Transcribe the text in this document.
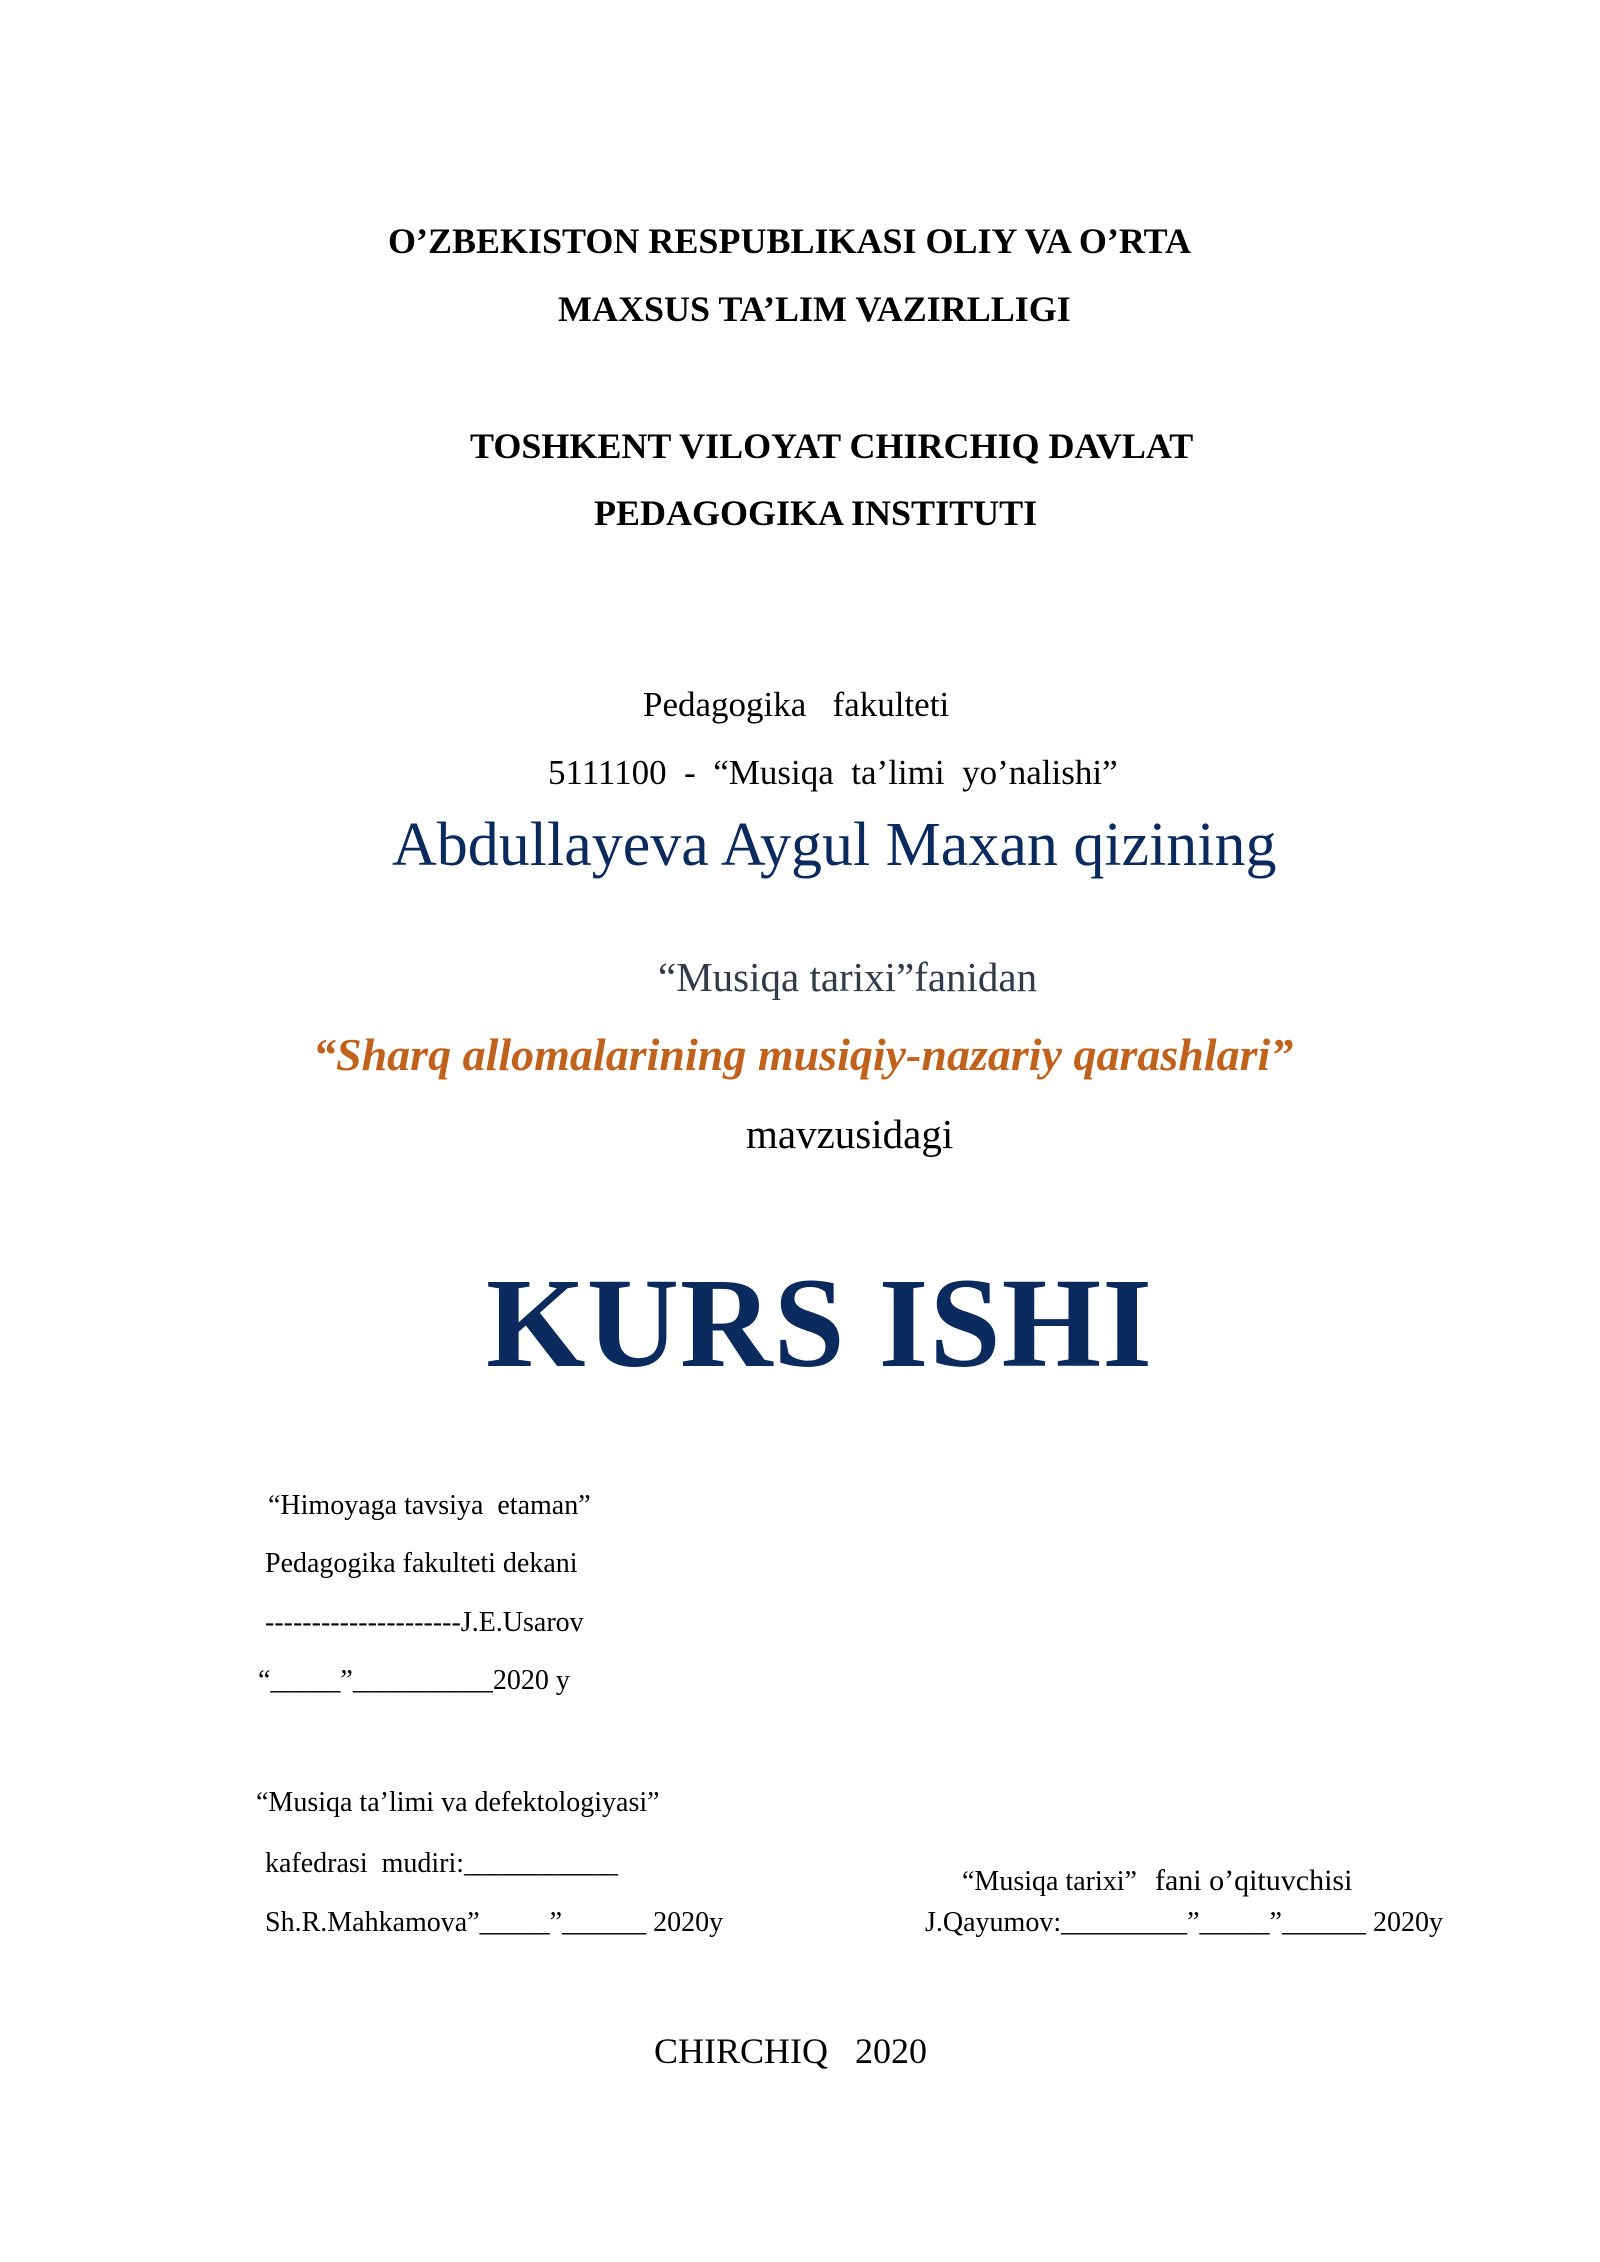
O’ZBEKISTON RESPUBLIKASI OLIY VA O’RTA
MAXSUS TA’LIM VAZIRLLIGI
TOSHKENT VILOYAT CHIRCHIQ DAVLAT
PEDAGOGIKA INSTITUTI
Pedagogika   fakulteti
5111100  -  “Musiqa  ta’limi  yo’nalishi”
Abdullayeva Aygul Maxan qizining
“Musiqa tarixi”fanidan
“Sharq allomalarining musiqiy-nazariy qarashlari”
mavzusidagi
KURS ISHI
“Himoyaga tavsiya  etaman”
Pedagogika fakulteti dekani
---------------------J.E.Usarov
“_____”__________2020 y
“Musiqa ta’limi va defektologiyasi”
kafedrasi  mudiri:___________
Sh.R.Mahkamova”_____”______ 2020y

“Musiqa tarixi” fani o’qituvchisi

J.Qayumov:_________”_____”______ 2020y
CHIRCHIQ   2020
